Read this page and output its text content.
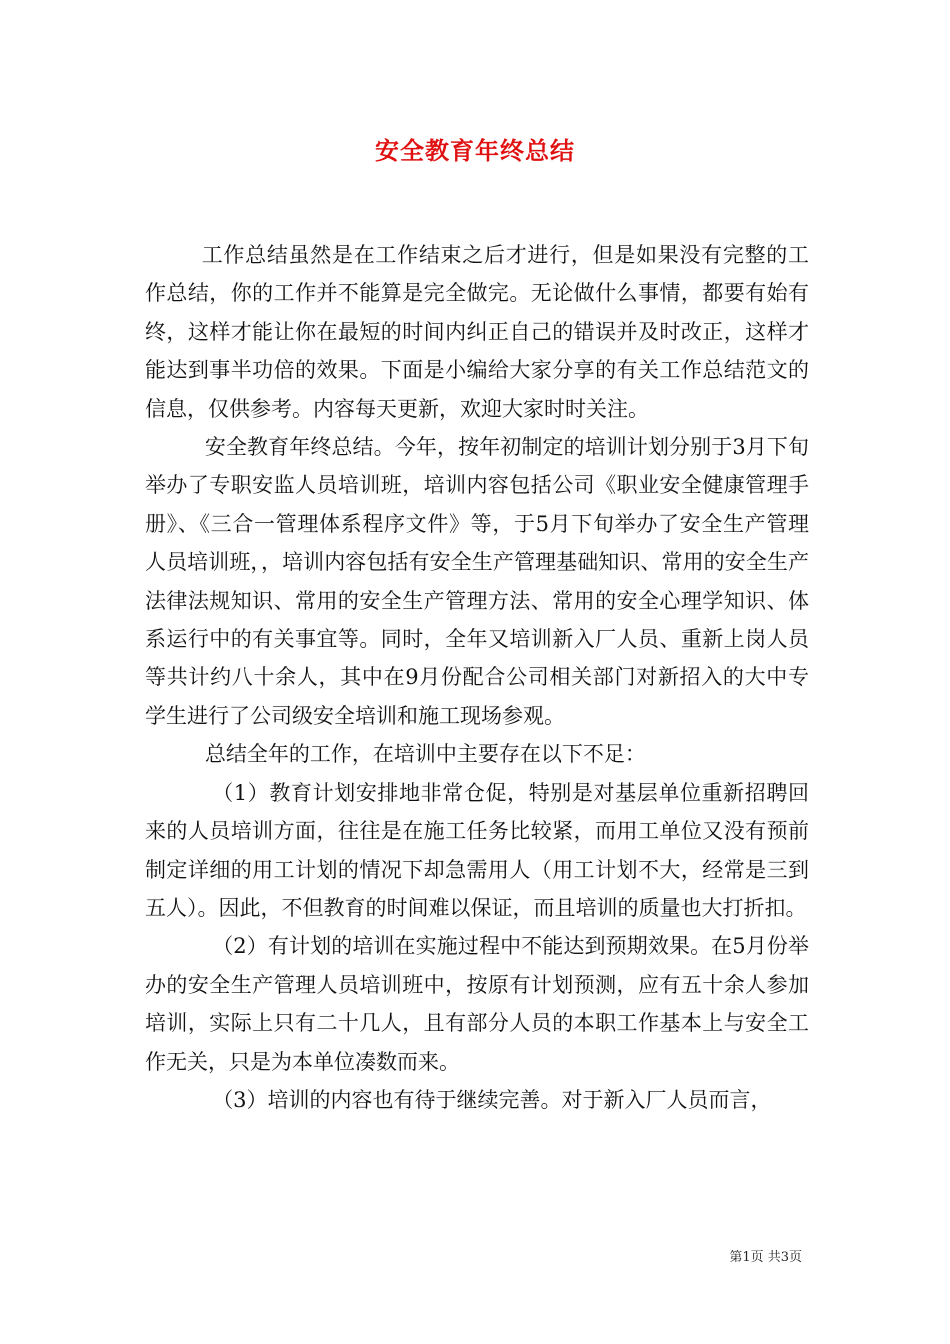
安全教育年终总结

工作总结虽然是在工作结束之后才进行，但是如果没有完整的工作总结，你的工作并不能算是完全做完。无论做什么事情，都要有始有终，这样才能让你在最短的时间内纠正自己的错误并及时改正，这样才能达到事半功倍的效果。下面是小编给大家分享的有关工作总结范文的信息，仅供参考。内容每天更新，欢迎大家时时关注。

安全教育年终总结。今年，按年初制定的培训计划分别于3月下旬举办了专职安监人员培训班，培训内容包括公司《职业安全健康管理手册》、《三合一管理体系程序文件》等，于5月下旬举办了安全生产管理人员培训班，，培训内容包括有安全生产管理基础知识、常用的安全生产法律法规知识、常用的安全生产管理方法、常用的安全心理学知识、体系运行中的有关事宜等。同时，全年又培训新入厂人员、重新上岗人员等共计约八十余人，其中在9月份配合公司相关部门对新招入的大中专学生进行了公司级安全培训和施工现场参观。

总结全年的工作，在培训中主要存在以下不足：

（1）教育计划安排地非常仓促，特别是对基层单位重新招聘回来的人员培训方面，往往是在施工任务比较紧，而用工单位又没有预前制定详细的用工计划的情况下却急需用人（用工计划不大，经常是三到五人）。因此，不但教育的时间难以保证，而且培训的质量也大打折扣。

（2）有计划的培训在实施过程中不能达到预期效果。在5月份举办的安全生产管理人员培训班中，按原有计划预测，应有五十余人参加培训，实际上只有二十几人，且有部分人员的本职工作基本上与安全工作无关，只是为本单位凑数而来。

（3）培训的内容也有待于继续完善。对于新入厂人员而言，

第1页 共3页
